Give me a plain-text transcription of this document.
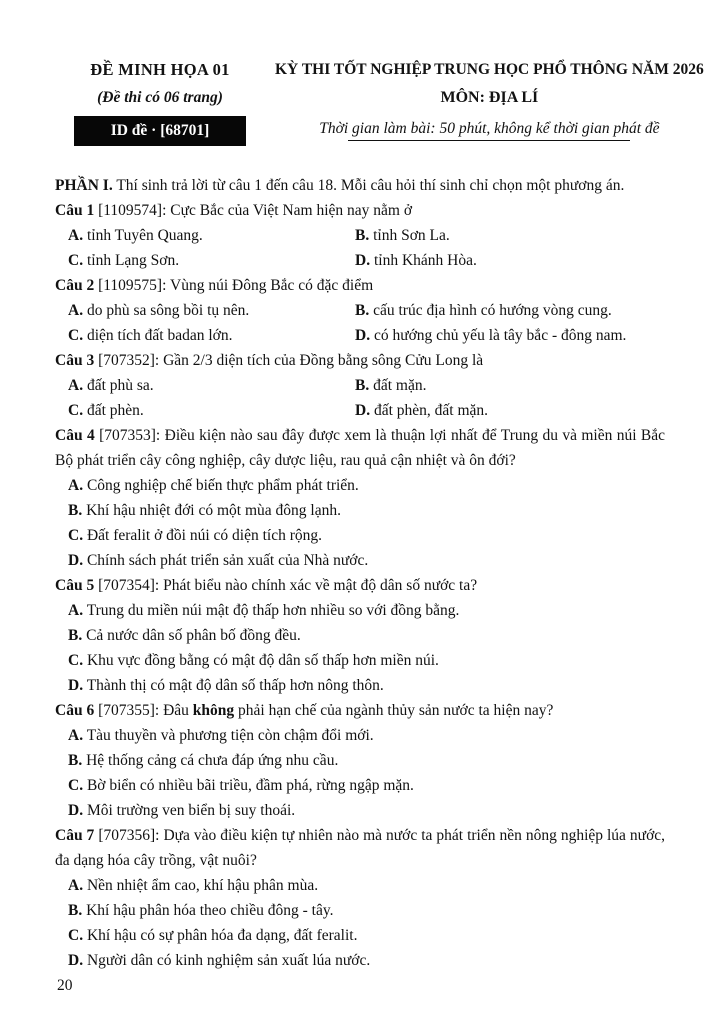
ĐỀ MINH HỌA 01
(Đề thi có 06 trang)
ID đề · [68701]
KỲ THI TỐT NGHIỆP TRUNG HỌC PHỔ THÔNG NĂM 2026
MÔN: ĐỊA LÍ
Thời gian làm bài: 50 phút, không kể thời gian phát đề

PHẦN I. Thí sinh trả lời từ câu 1 đến câu 18. Mỗi câu hỏi thí sinh chỉ chọn một phương án.

Câu 1 [1109574]: Cực Bắc của Việt Nam hiện nay nằm ở

A. tỉnh Tuyên Quang.	B. tỉnh Sơn La.
C. tỉnh Lạng Sơn.	D. tỉnh Khánh Hòa.

Câu 2 [1109575]: Vùng núi Đông Bắc có đặc điểm

A. do phù sa sông bồi tụ nên.	B. cấu trúc địa hình có hướng vòng cung.
C. diện tích đất badan lớn.	D. có hướng chủ yếu là tây bắc - đông nam.

Câu 3 [707352]: Gần 2/3 diện tích của Đồng bằng sông Cửu Long là

A. đất phù sa.	B. đất mặn.
C. đất phèn.	D. đất phèn, đất mặn.

Câu 4 [707353]: Điều kiện nào sau đây được xem là thuận lợi nhất để Trung du và miền núi Bắc Bộ phát triển cây công nghiệp, cây dược liệu, rau quả cận nhiệt và ôn đới?

A. Công nghiệp chế biến thực phẩm phát triển.
B. Khí hậu nhiệt đới có một mùa đông lạnh.
C. Đất feralit ở đồi núi có diện tích rộng.
D. Chính sách phát triển sản xuất của Nhà nước.

Câu 5 [707354]: Phát biểu nào chính xác về mật độ dân số nước ta?

A. Trung du miền núi mật độ thấp hơn nhiều so với đồng bằng.
B. Cả nước dân số phân bố đồng đều.
C. Khu vực đồng bằng có mật độ dân số thấp hơn miền núi.
D. Thành thị có mật độ dân số thấp hơn nông thôn.

Câu 6 [707355]: Đâu không phải hạn chế của ngành thủy sản nước ta hiện nay?

A. Tàu thuyền và phương tiện còn chậm đổi mới.
B. Hệ thống cảng cá chưa đáp ứng nhu cầu.
C. Bờ biển có nhiều bãi triều, đầm phá, rừng ngập mặn.
D. Môi trường ven biển bị suy thoái.

Câu 7 [707356]: Dựa vào điều kiện tự nhiên nào mà nước ta phát triển nền nông nghiệp lúa nước, đa dạng hóa cây trồng, vật nuôi?

A. Nền nhiệt ẩm cao, khí hậu phân mùa.
B. Khí hậu phân hóa theo chiều đông - tây.
C. Khí hậu có sự phân hóa đa dạng, đất feralit.
D. Người dân có kinh nghiệm sản xuất lúa nước.
20
